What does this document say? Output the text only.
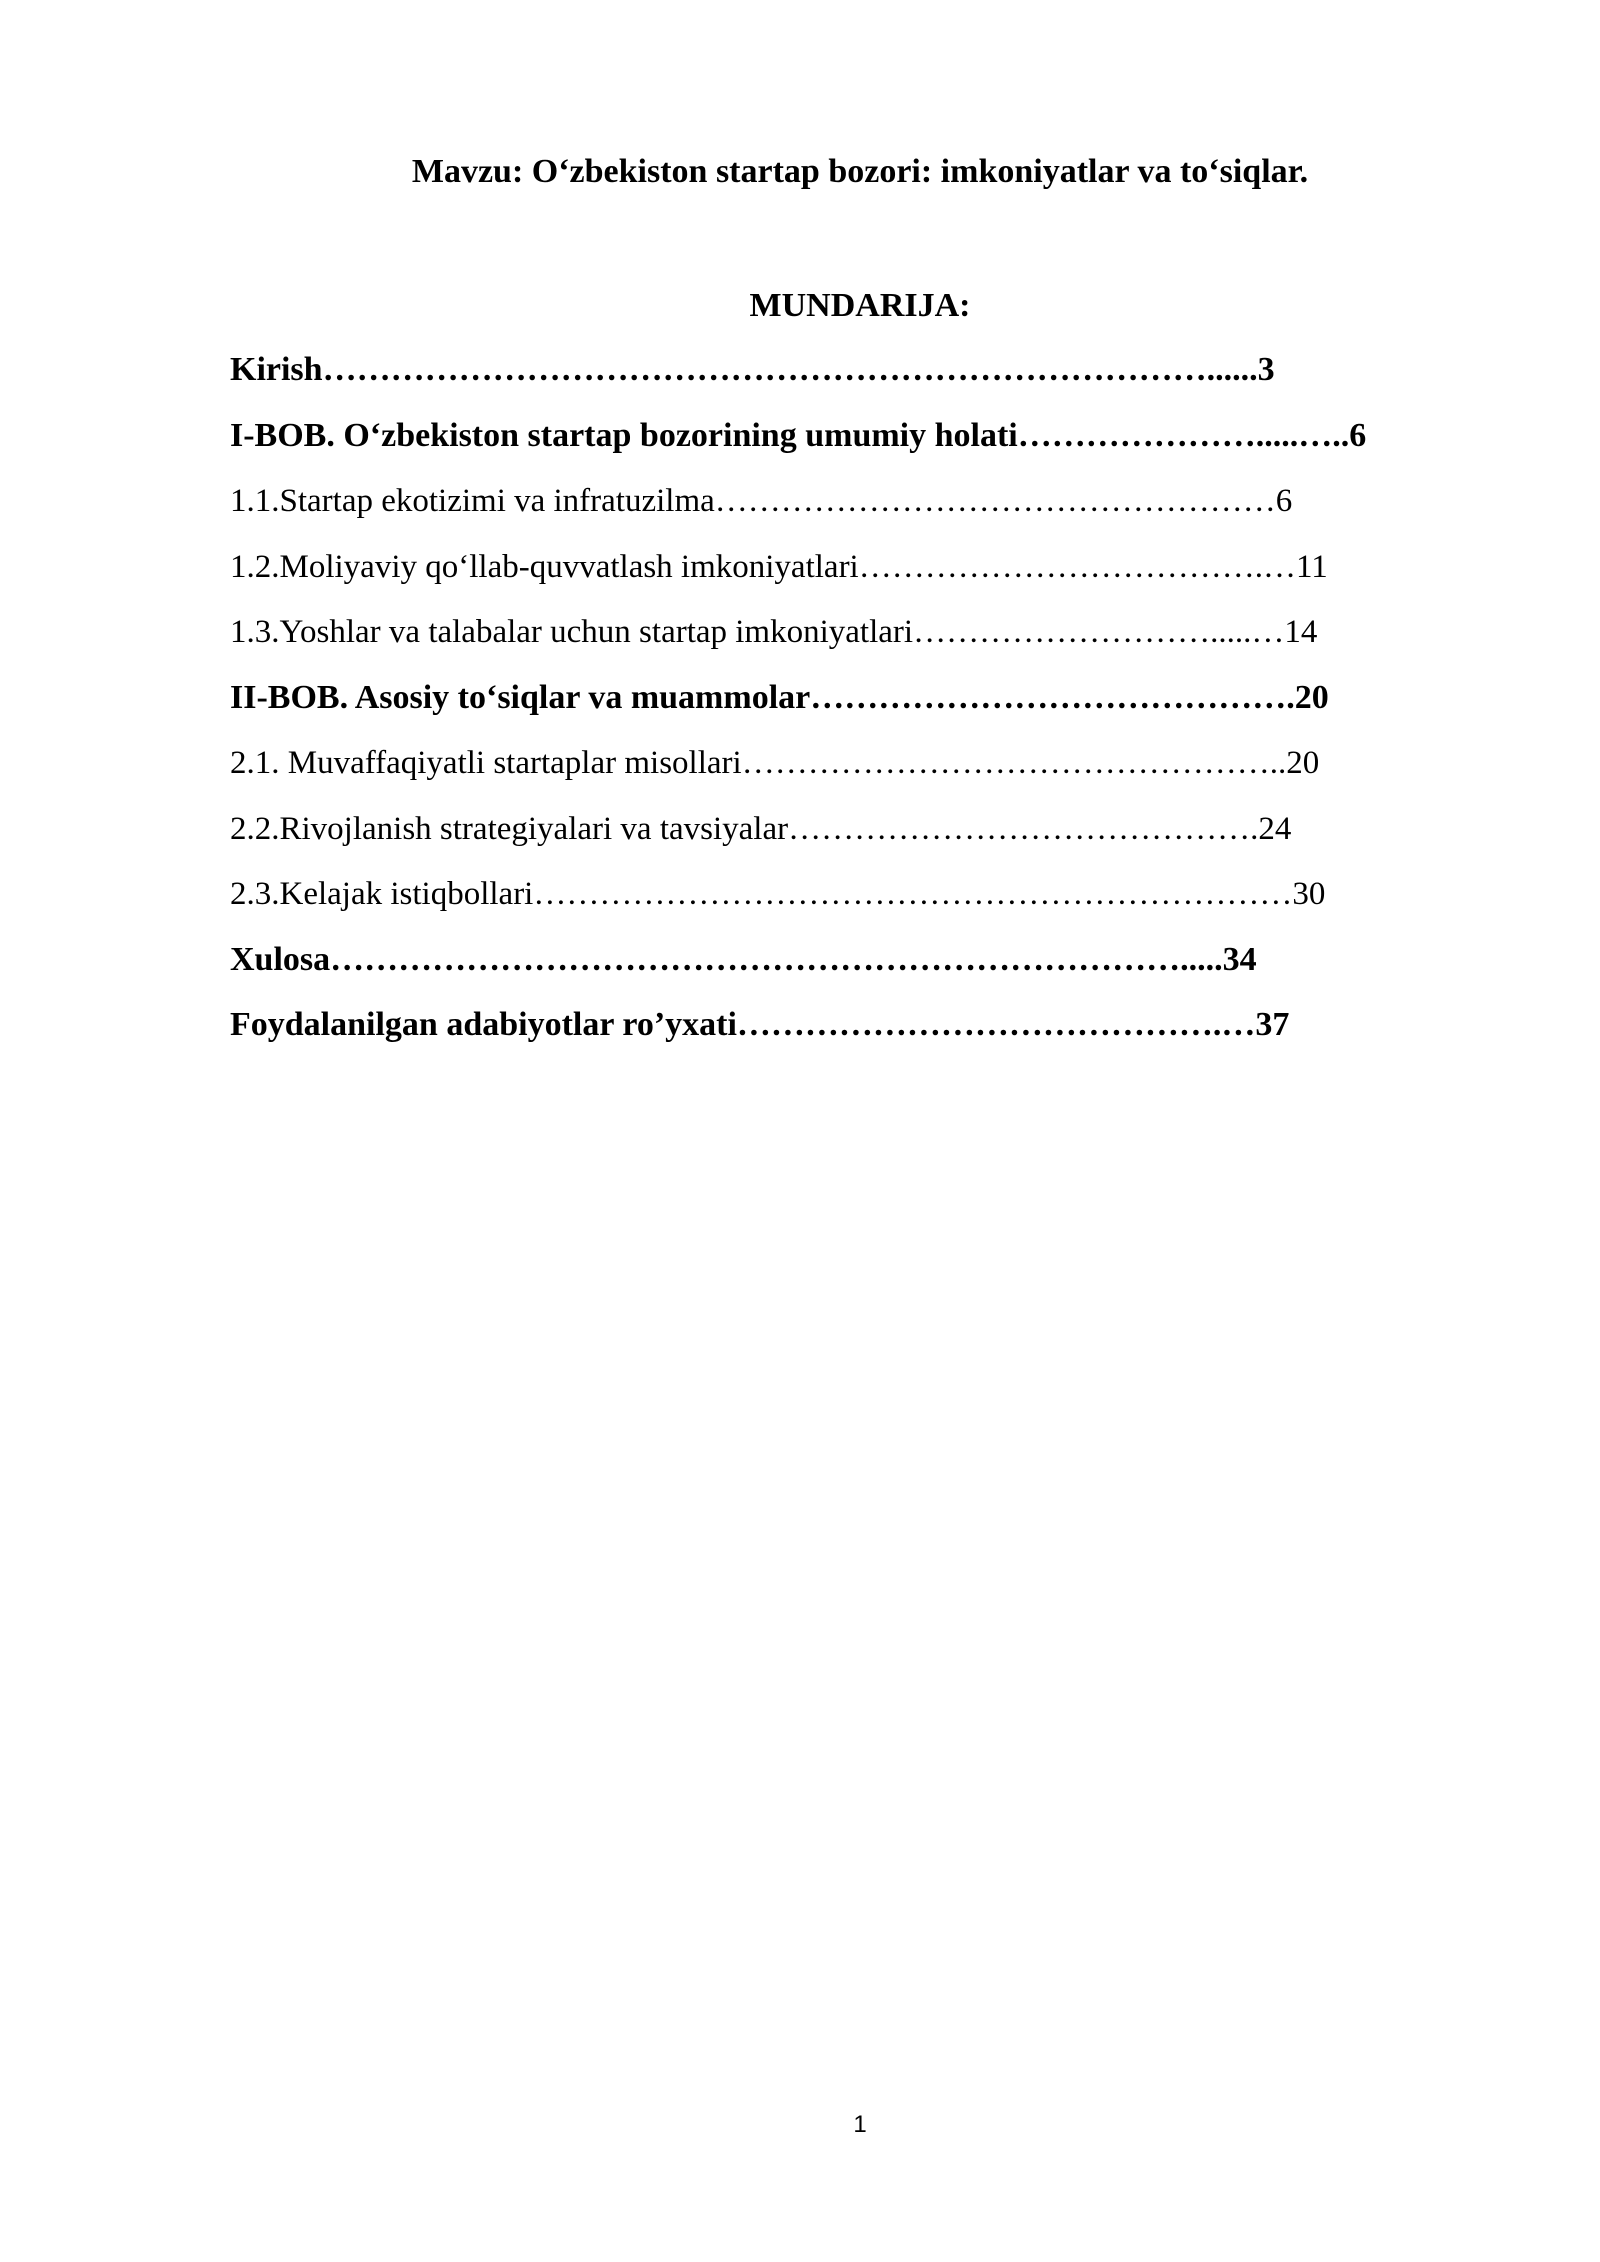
Mavzu: O‘zbekiston startap bozori: imkoniyatlar va to‘siqlar.
MUNDARIJA:
Kirish……………………………………………………………………......3
I-BOB. O‘zbekiston startap bozorining umumiy holati………………….....…..6
1.1.Startap ekotizimi va infratuzilma……………………………………………6
1.2.Moliyaviy qo‘llab-quvvatlash imkoniyatlari……………………………….…11
1.3.Yoshlar va talabalar uchun startap imkoniyatlari……………………….....…14
II-BOB. Asosiy to‘siqlar va muammolar…………………………………….20
2.1. Muvaffaqiyatli startaplar misollari…………………………………………..20
2.2.Rivojlanish strategiyalari va tavsiyalar…………………………………….24
2.3.Kelajak istiqbollari……………………………………………………………30
Xulosa………………………………………………………………….....34
Foydalanilgan adabiyotlar ro’yxati…………………………………….…37
1
